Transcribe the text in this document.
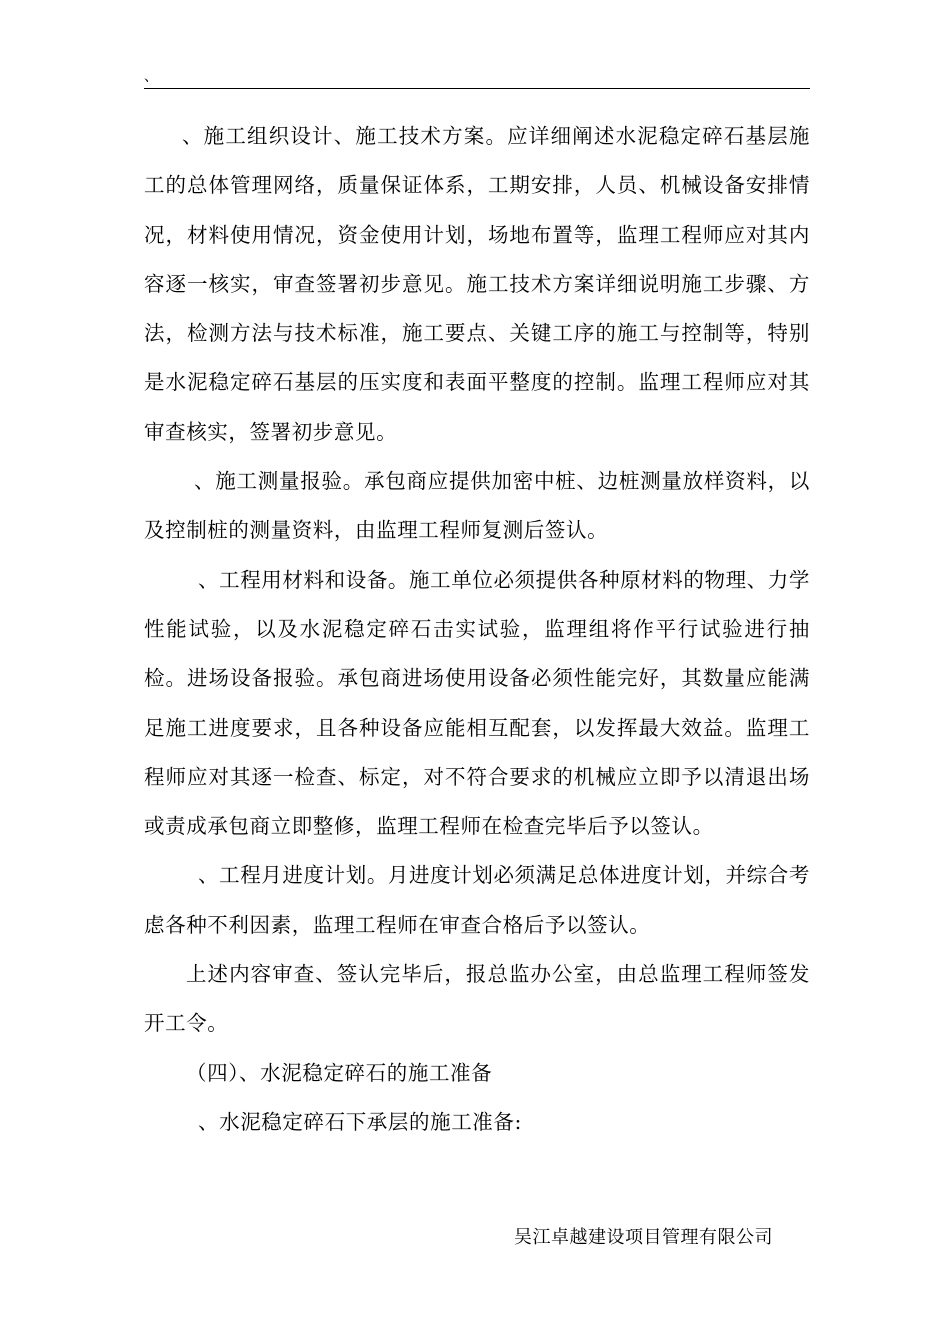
、

、施工组织设计、施工技术方案。应详细阐述水泥稳定碎石基层施工的总体管理网络，质量保证体系，工期安排，人员、机械设备安排情况，材料使用情况，资金使用计划，场地布置等，监理工程师应对其内容逐一核实，审查签署初步意见。施工技术方案详细说明施工步骤、方法，检测方法与技术标准，施工要点、关键工序的施工与控制等，特别是水泥稳定碎石基层的压实度和表面平整度的控制。监理工程师应对其审查核实，签署初步意见。

、施工测量报验。承包商应提供加密中桩、边桩测量放样资料，以及控制桩的测量资料，由监理工程师复测后签认。

、工程用材料和设备。施工单位必须提供各种原材料的物理、力学性能试验，以及水泥稳定碎石击实试验，监理组将作平行试验进行抽检。进场设备报验。承包商进场使用设备必须性能完好，其数量应能满足施工进度要求，且各种设备应能相互配套，以发挥最大效益。监理工程师应对其逐一检查、标定，对不符合要求的机械应立即予以清退出场或责成承包商立即整修，监理工程师在检查完毕后予以签认。

、工程月进度计划。月进度计划必须满足总体进度计划，并综合考虑各种不利因素，监理工程师在审查合格后予以签认。

上述内容审查、签认完毕后，报总监办公室，由总监理工程师签发开工令。

（四）、水泥稳定碎石的施工准备

、水泥稳定碎石下承层的施工准备:

吴江卓越建设项目管理有限公司
